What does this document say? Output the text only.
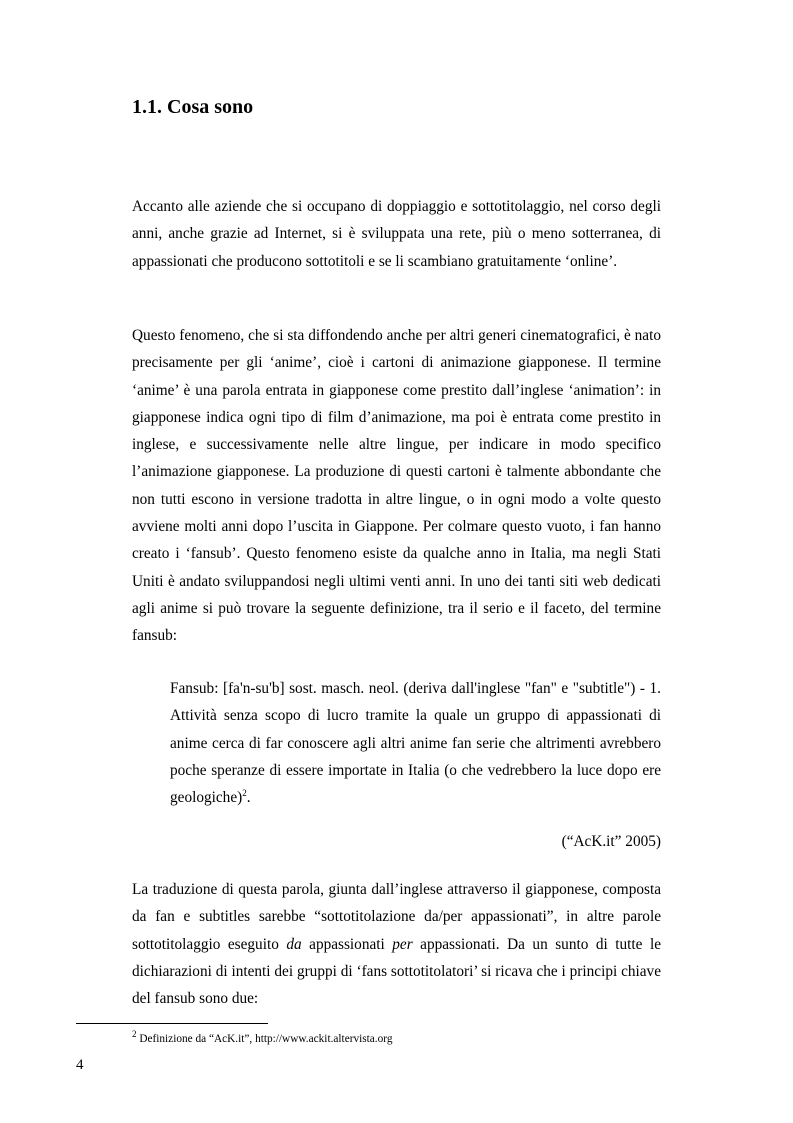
1.1. Cosa sono

Accanto alle aziende che si occupano di doppiaggio e sottotitolaggio, nel corso degli anni, anche grazie ad Internet, si è sviluppata una rete, più o meno sotterranea, di appassionati che producono sottotitoli e se li scambiano gratuitamente ‘online’.

Questo fenomeno, che si sta diffondendo anche per altri generi cinematografici, è nato precisamente per gli ‘anime’, cioè i cartoni di animazione giapponese. Il termine ‘anime’ è una parola entrata in giapponese come prestito dall’inglese ‘animation’: in giapponese indica ogni tipo di film d’animazione, ma poi è entrata come prestito in inglese, e successivamente nelle altre lingue, per indicare in modo specifico l’animazione giapponese. La produzione di questi cartoni è talmente abbondante che non tutti escono in versione tradotta in altre lingue, o in ogni modo a volte questo avviene molti anni dopo l’uscita in Giappone. Per colmare questo vuoto, i fan hanno creato i ‘fansub’. Questo fenomeno esiste da qualche anno in Italia, ma negli Stati Uniti è andato sviluppandosi negli ultimi venti anni. In uno dei tanti siti web dedicati agli anime si può trovare la seguente definizione, tra il serio e il faceto, del termine fansub:

Fansub: [fa'n-su'b] sost. masch. neol. (deriva dall'inglese "fan" e "subtitle") - 1. Attività senza scopo di lucro tramite la quale un gruppo di appassionati di anime cerca di far conoscere agli altri anime fan serie che altrimenti avrebbero poche speranze di essere importate in Italia (o che vedrebbero la luce dopo ere geologiche)$^2$.

(“AcK.it” 2005)

La traduzione di questa parola, giunta dall’inglese attraverso il giapponese, composta da fan e subtitles sarebbe “sottotitolazione da/per appassionati”, in altre parole sottotitolaggio eseguito da appassionati per appassionati. Da un sunto di tutte le dichiarazioni di intenti dei gruppi di ‘fans sottotitolatori’ si ricava che i principi chiave del fansub sono due:

$^2$ Definizione da “AcK.it”, http://www.ackit.altervista.org

4
